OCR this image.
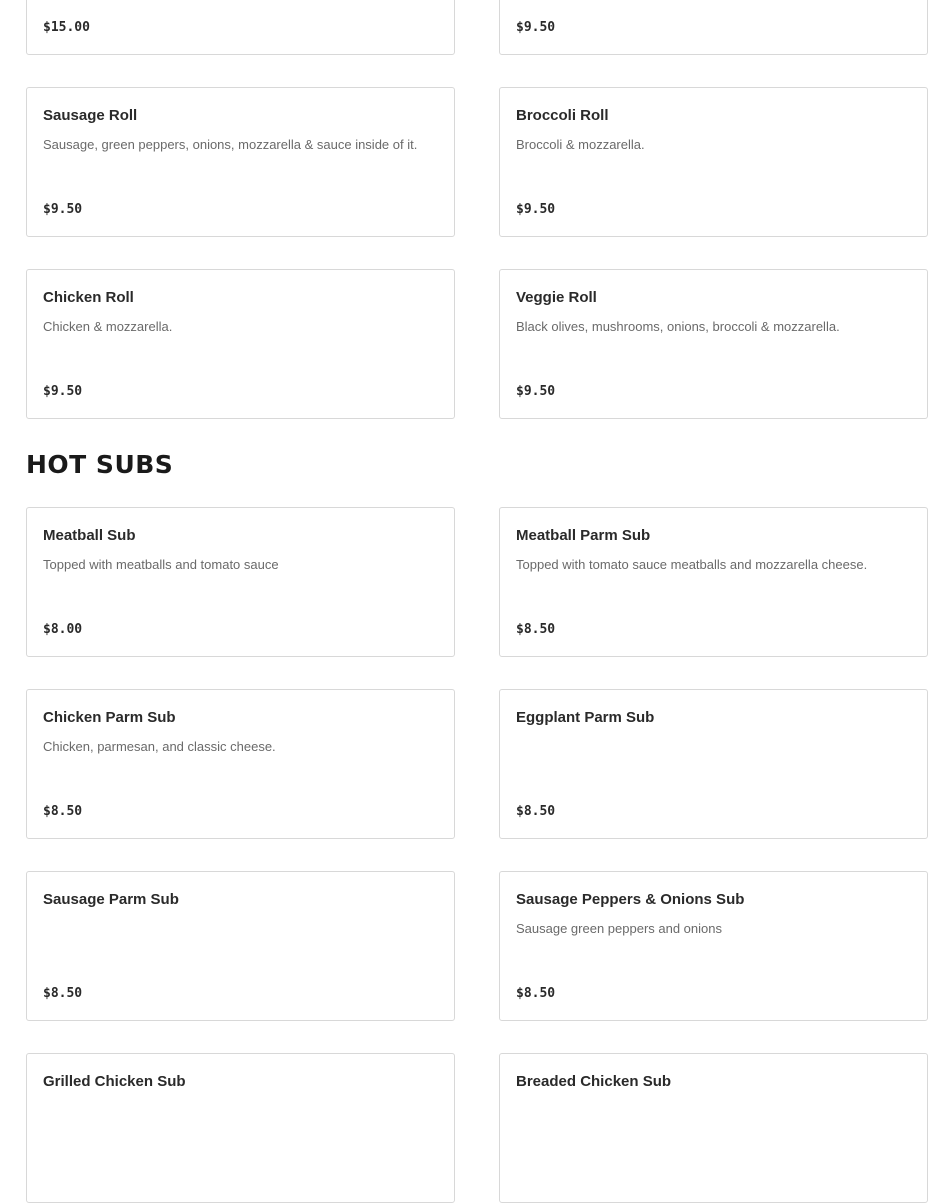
$15.00	$9.50
Sausage Roll
Sausage, green peppers, onions, mozzarella & sauce inside of it.
$9.50
Broccoli Roll
Broccoli & mozzarella.
$9.50
Chicken Roll
Chicken & mozzarella.
$9.50
Veggie Roll
Black olives, mushrooms, onions, broccoli & mozzarella.
$9.50
HOT SUBS
Meatball Sub
Topped with meatballs and tomato sauce
$8.00
Meatball Parm Sub
Topped with tomato sauce meatballs and mozzarella cheese.
$8.50
Chicken Parm Sub
Chicken, parmesan, and classic cheese.
$8.50
Eggplant Parm Sub
$8.50
Sausage Parm Sub
$8.50
Sausage Peppers & Onions Sub
Sausage green peppers and onions
$8.50
Grilled Chicken Sub	Breaded Chicken Sub
